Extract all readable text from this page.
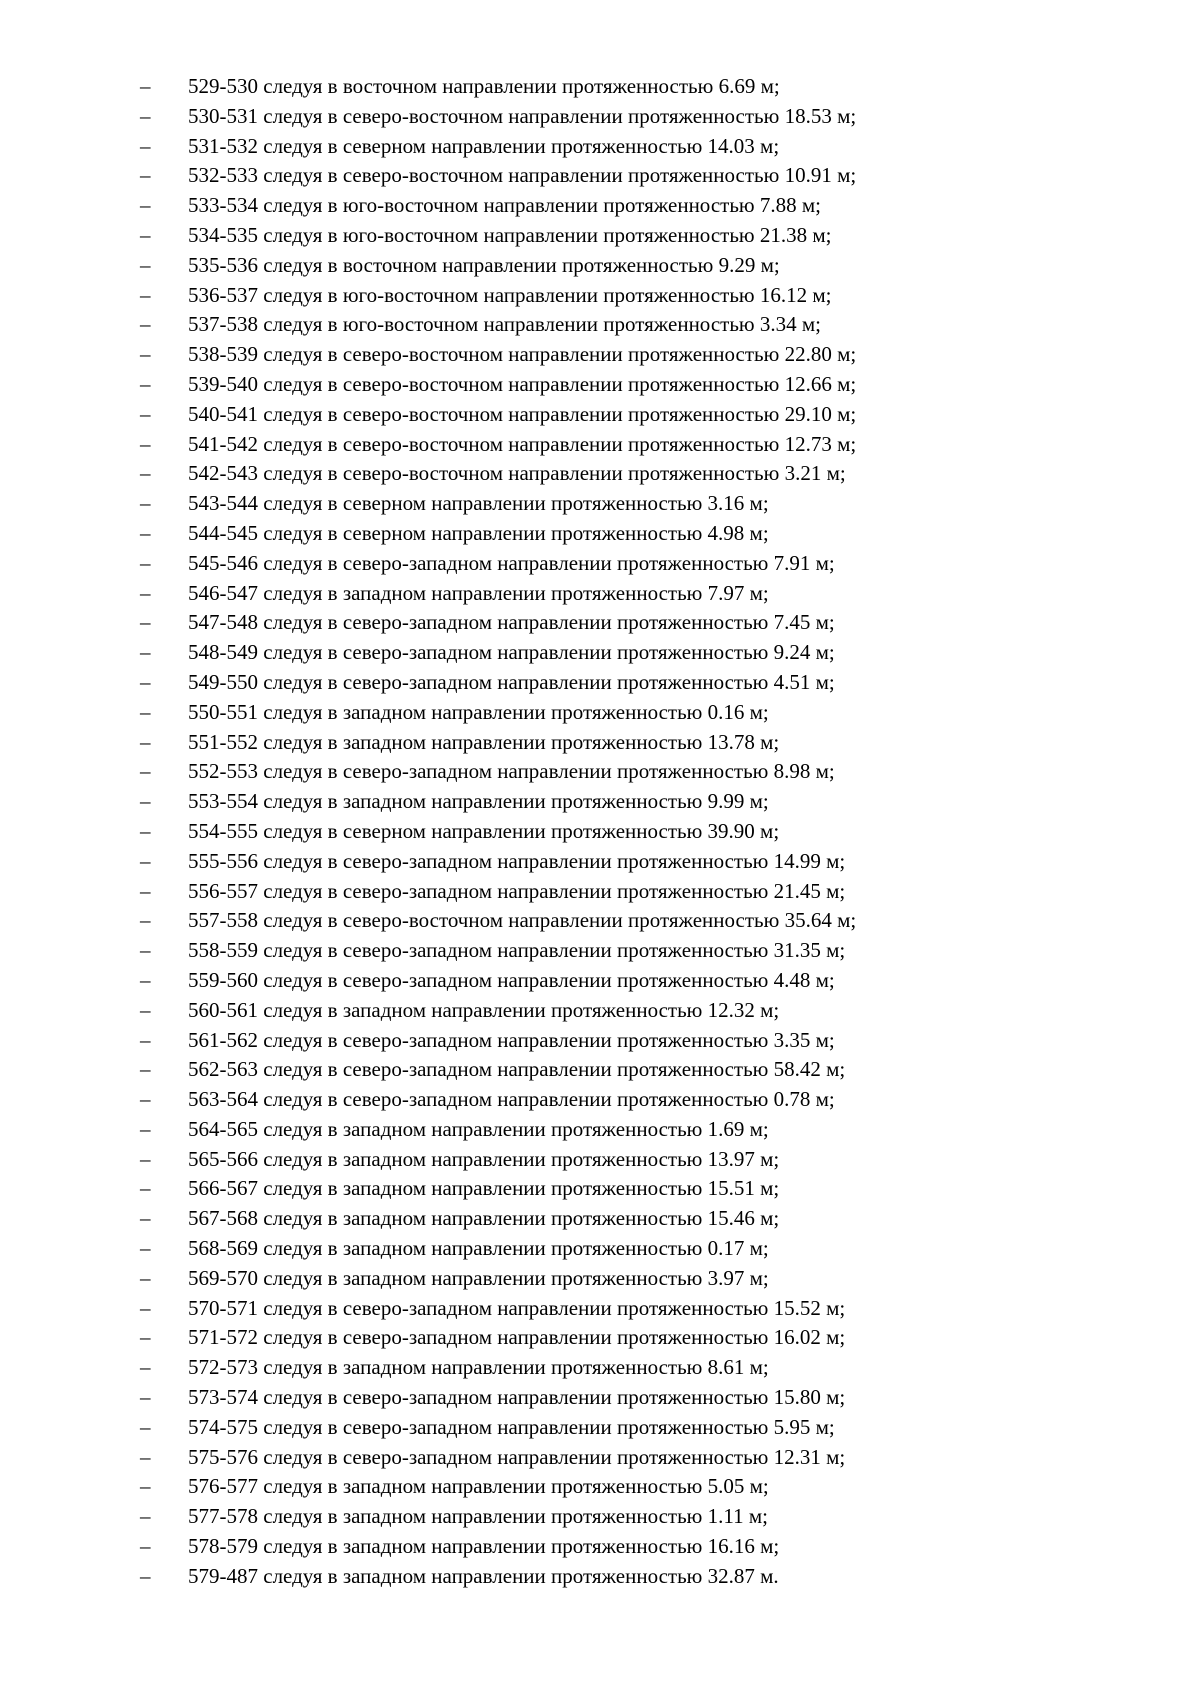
–	529-530 следуя в восточном направлении протяженностью 6.69 м;
–	530-531 следуя в северо-восточном направлении протяженностью 18.53 м;
–	531-532 следуя в северном направлении протяженностью 14.03 м;
–	532-533 следуя в северо-восточном направлении протяженностью 10.91 м;
–	533-534 следуя в юго-восточном направлении протяженностью 7.88 м;
–	534-535 следуя в юго-восточном направлении протяженностью 21.38 м;
–	535-536 следуя в восточном направлении протяженностью 9.29 м;
–	536-537 следуя в юго-восточном направлении протяженностью 16.12 м;
–	537-538 следуя в юго-восточном направлении протяженностью 3.34 м;
–	538-539 следуя в северо-восточном направлении протяженностью 22.80 м;
–	539-540 следуя в северо-восточном направлении протяженностью 12.66 м;
–	540-541 следуя в северо-восточном направлении протяженностью 29.10 м;
–	541-542 следуя в северо-восточном направлении протяженностью 12.73 м;
–	542-543 следуя в северо-восточном направлении протяженностью 3.21 м;
–	543-544 следуя в северном направлении протяженностью 3.16 м;
–	544-545 следуя в северном направлении протяженностью 4.98 м;
–	545-546 следуя в северо-западном направлении протяженностью 7.91 м;
–	546-547 следуя в западном направлении протяженностью 7.97 м;
–	547-548 следуя в северо-западном направлении протяженностью 7.45 м;
–	548-549 следуя в северо-западном направлении протяженностью 9.24 м;
–	549-550 следуя в северо-западном направлении протяженностью 4.51 м;
–	550-551 следуя в западном направлении протяженностью 0.16 м;
–	551-552 следуя в западном направлении протяженностью 13.78 м;
–	552-553 следуя в северо-западном направлении протяженностью 8.98 м;
–	553-554 следуя в западном направлении протяженностью 9.99 м;
–	554-555 следуя в северном направлении протяженностью 39.90 м;
–	555-556 следуя в северо-западном направлении протяженностью 14.99 м;
–	556-557 следуя в северо-западном направлении протяженностью 21.45 м;
–	557-558 следуя в северо-восточном направлении протяженностью 35.64 м;
–	558-559 следуя в северо-западном направлении протяженностью 31.35 м;
–	559-560 следуя в северо-западном направлении протяженностью 4.48 м;
–	560-561 следуя в западном направлении протяженностью 12.32 м;
–	561-562 следуя в северо-западном направлении протяженностью 3.35 м;
–	562-563 следуя в северо-западном направлении протяженностью 58.42 м;
–	563-564 следуя в северо-западном направлении протяженностью 0.78 м;
–	564-565 следуя в западном направлении протяженностью 1.69 м;
–	565-566 следуя в западном направлении протяженностью 13.97 м;
–	566-567 следуя в западном направлении протяженностью 15.51 м;
–	567-568 следуя в западном направлении протяженностью 15.46 м;
–	568-569 следуя в западном направлении протяженностью 0.17 м;
–	569-570 следуя в западном направлении протяженностью 3.97 м;
–	570-571 следуя в северо-западном направлении протяженностью 15.52 м;
–	571-572 следуя в северо-западном направлении протяженностью 16.02 м;
–	572-573 следуя в западном направлении протяженностью 8.61 м;
–	573-574 следуя в северо-западном направлении протяженностью 15.80 м;
–	574-575 следуя в северо-западном направлении протяженностью 5.95 м;
–	575-576 следуя в северо-западном направлении протяженностью 12.31 м;
–	576-577 следуя в западном направлении протяженностью 5.05 м;
–	577-578 следуя в западном направлении протяженностью 1.11 м;
–	578-579 следуя в западном направлении протяженностью 16.16 м;
–	579-487 следуя в западном направлении протяженностью 32.87 м.
